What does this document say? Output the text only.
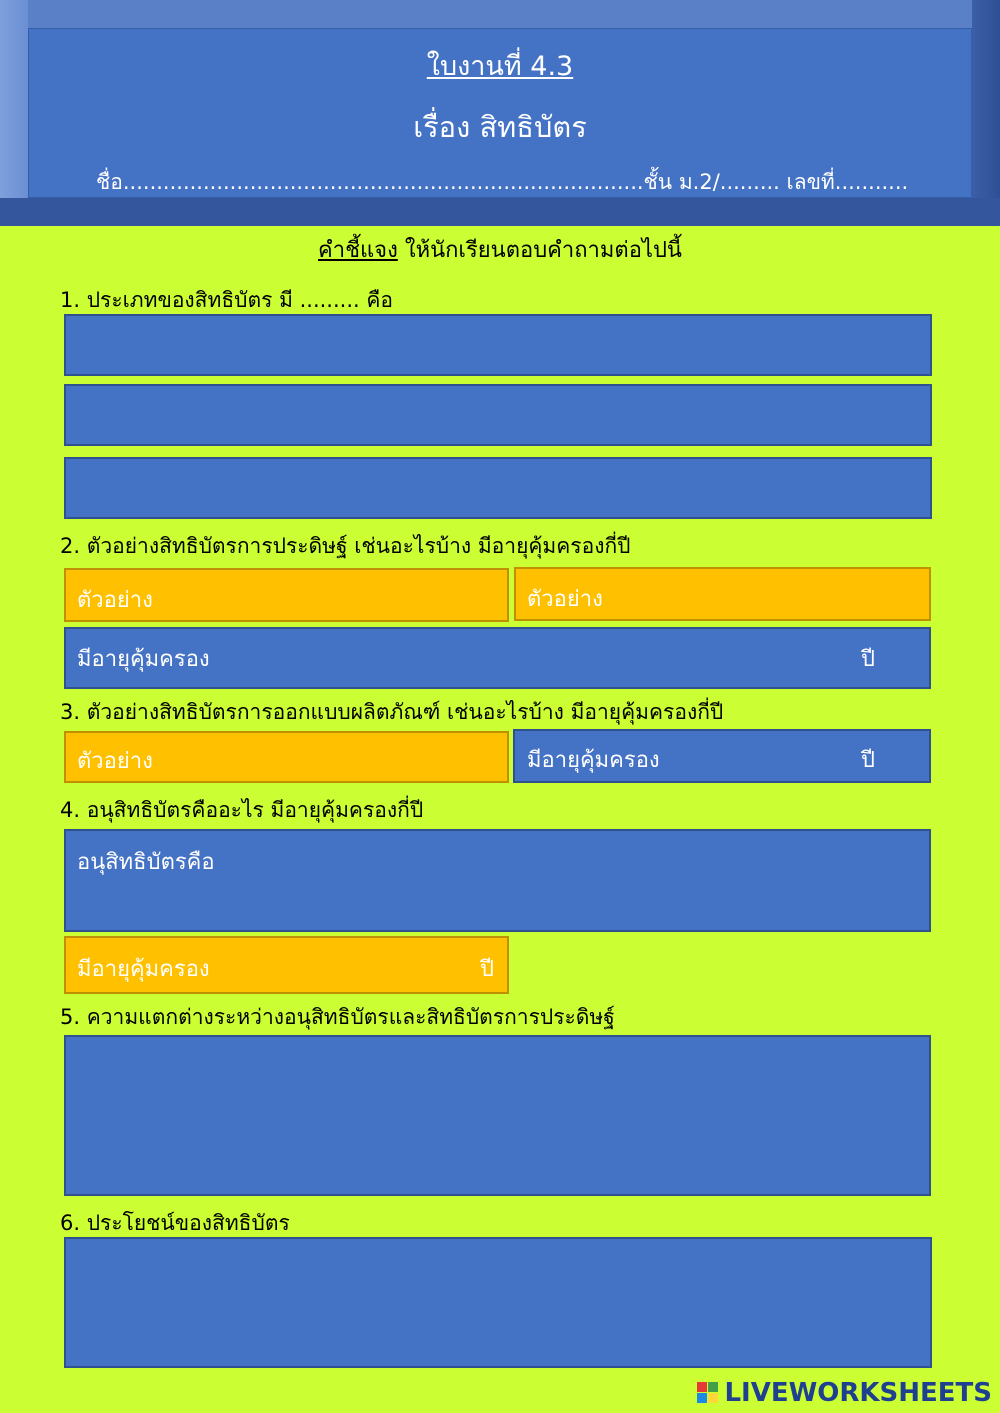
ใบงานที่ 4.3
เรื่อง สิทธิบัตร
ชื่อ..............................................................................ชั้น ม.2/......... เลขที่...........
คำชี้แจง ให้นักเรียนตอบคำถามต่อไปนี้
1. ประเภทของสิทธิบัตร มี ......... คือ
2. ตัวอย่างสิทธิบัตรการประดิษฐ์ เช่นอะไรบ้าง มีอายุคุ้มครองกี่ปี
ตัวอย่าง	ตัวอย่าง
มีอายุคุ้มครอง	ปี
3. ตัวอย่างสิทธิบัตรการออกแบบผลิตภัณฑ์ เช่นอะไรบ้าง มีอายุคุ้มครองกี่ปี
ตัวอย่าง	มีอายุคุ้มครอง	ปี
4. อนุสิทธิบัตรคืออะไร มีอายุคุ้มครองกี่ปี
อนุสิทธิบัตรคือ
มีอายุคุ้มครอง	ปี
5. ความแตกต่างระหว่างอนุสิทธิบัตรและสิทธิบัตรการประดิษฐ์
6. ประโยชน์ของสิทธิบัตร
LIVEWORKSHEETS
